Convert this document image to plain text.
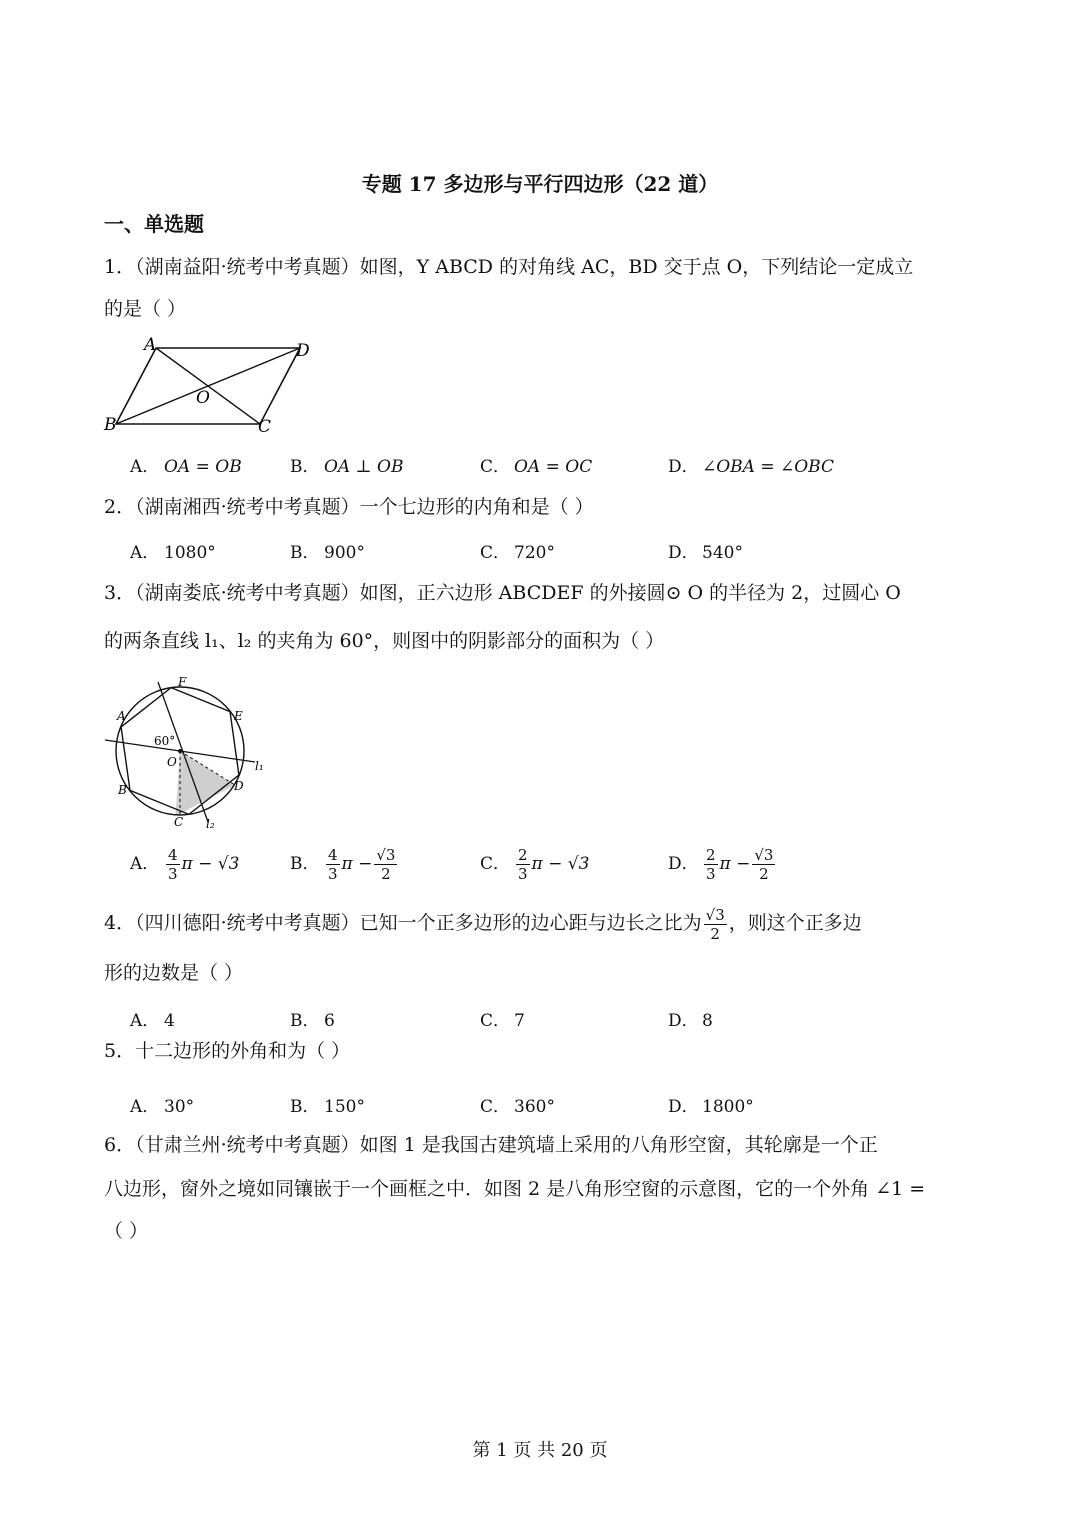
专题 17 多边形与平行四边形（22 道）
一、单选题
1．（湖南益阳·统考中考真题）如图，Y ABCD 的对角线 AC，BD 交于点 O，下列结论一定成立
的是（ ）
A	D
B	C
O
A． OA = OB	B． OA ⊥ OB	C． OA = OC	D． ∠OBA = ∠OBC
2．（湖南湘西·统考中考真题）一个七边形的内角和是（ ）
A． 1080°	B． 900°	C． 720°	D． 540°
3．（湖南娄底·统考中考真题）如图，正六边形 ABCDEF 的外接圆⊙ O 的半径为 2，过圆心 O
的两条直线 l₁、l₂ 的夹角为 60°，则图中的阴影部分的面积为（ ）
F
E
A
B
C
D
O
60°
l₁
l₂
A． $\frac{4}{3}$ π − √3	B． $\frac{4}{3}$ $\pi - \frac{√3}{2}$	C． $\frac{2}{3}$ π − √3	D． $\frac{2}{3}$ $\pi - \frac{√3}{2}$
4．（四川德阳·统考中考真题）已知一个正多边形的边心距与边长之比为 $\frac{√3}{2}$ ，则这个正多边
形的边数是（ ）
A． 4	B． 6	C． 7	D． 8
5．十二边形的外角和为（ ）
A． 30°	B． 150°	C． 360°	D． 1800°
6．（甘肃兰州·统考中考真题）如图 1 是我国古建筑墙上采用的八角形空窗，其轮廓是一个正
八边形，窗外之境如同镶嵌于一个画框之中．如图 2 是八角形空窗的示意图，它的一个外角 ∠1 =
（ ）
第 1 页 共 20 页
